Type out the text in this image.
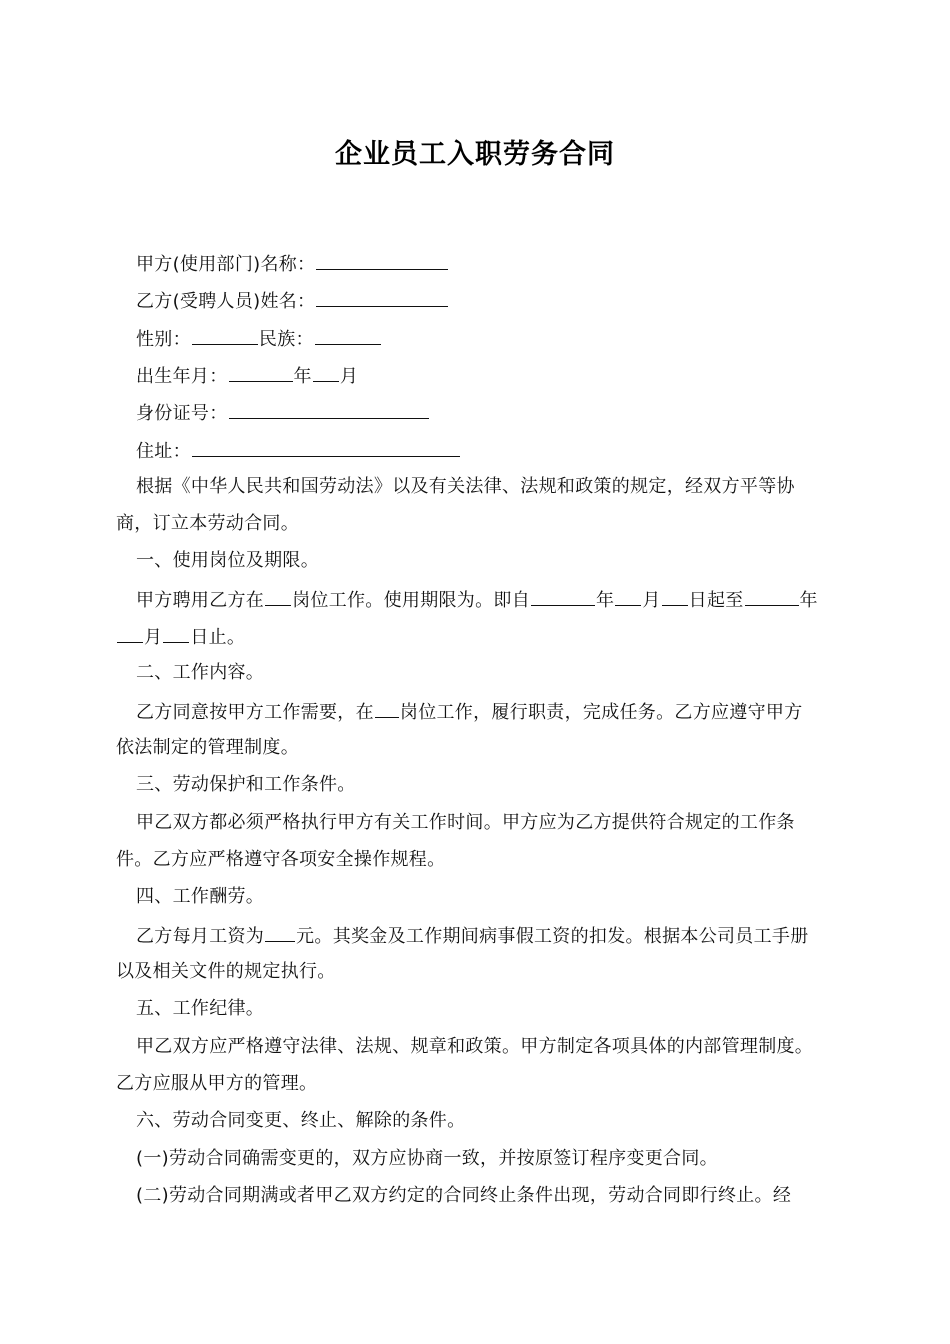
企业员工入职劳务合同
甲方(使用部门)名称：
乙方(受聘人员)姓名：
性别：	民族：
出生年月：	年 月
身份证号：
住址：
根据《中华人民共和国劳动法》以及有关法律、法规和政策的规定，经双方平等协
商，订立本劳动合同。
一、使用岗位及期限。
甲方聘用乙方在 岗位工作。使用期限为。即自	年 月 日起至	年
月 日止。
二、工作内容。
乙方同意按甲方工作需要，在 岗位工作，履行职责，完成任务。乙方应遵守甲方
依法制定的管理制度。
三、劳动保护和工作条件。
甲乙双方都必须严格执行甲方有关工作时间。甲方应为乙方提供符合规定的工作条
件。乙方应严格遵守各项安全操作规程。
四、工作酬劳。
乙方每月工资为 元。其奖金及工作期间病事假工资的扣发。根据本公司员工手册
以及相关文件的规定执行。
五、工作纪律。
甲乙双方应严格遵守法律、法规、规章和政策。甲方制定各项具体的内部管理制度。
乙方应服从甲方的管理。
六、劳动合同变更、终止、解除的条件。
(一)劳动合同确需变更的，双方应协商一致，并按原签订程序变更合同。
(二)劳动合同期满或者甲乙双方约定的合同终止条件出现，劳动合同即行终止。经
